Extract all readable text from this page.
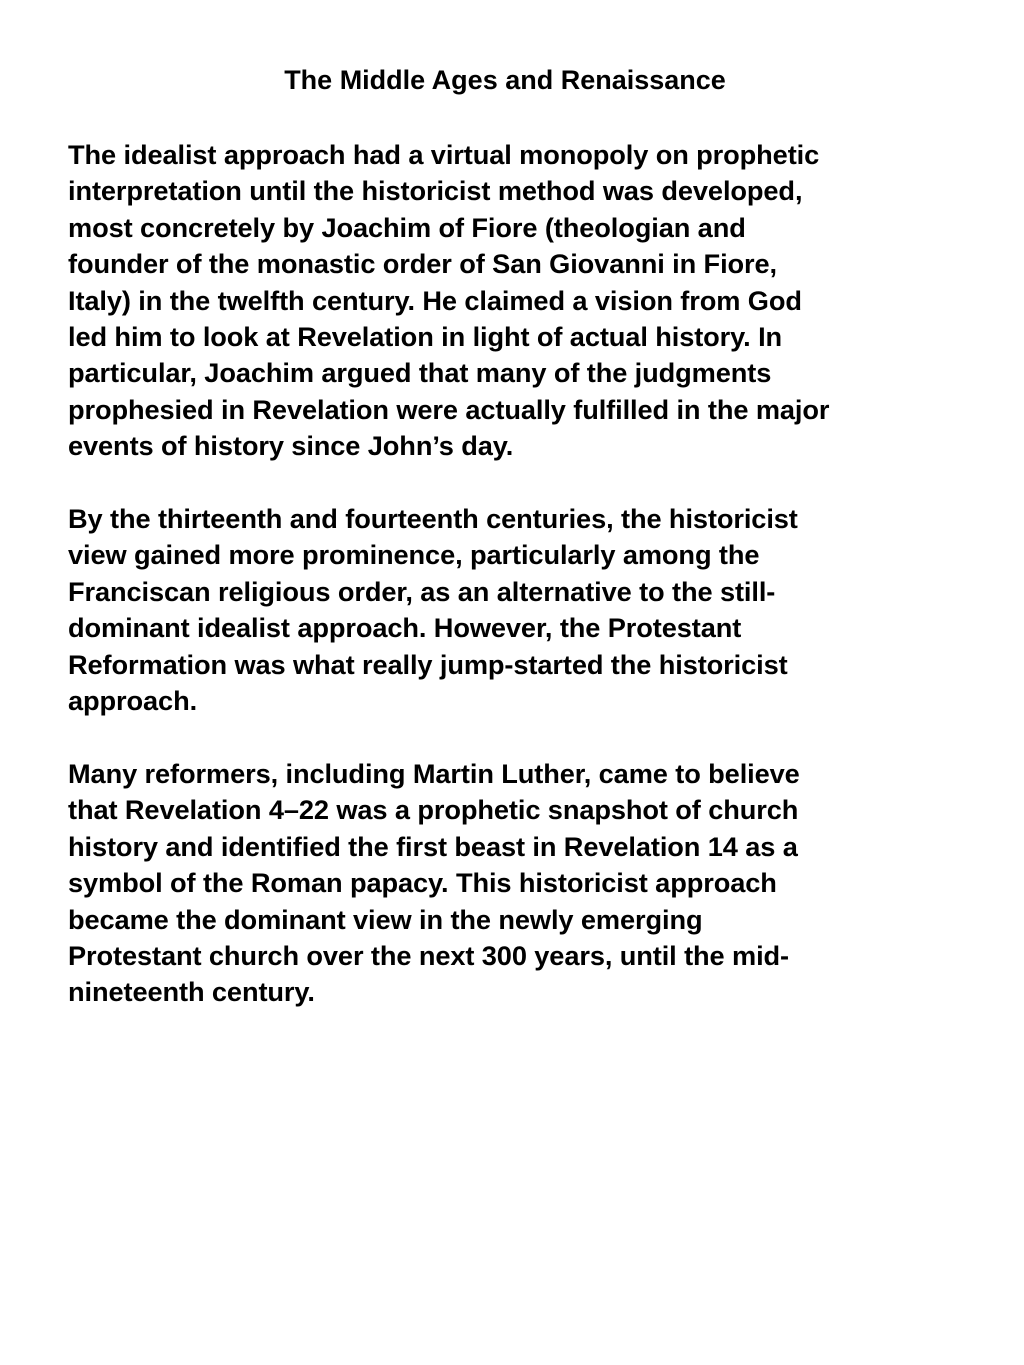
The Middle Ages and Renaissance

The idealist approach had a virtual monopoly on prophetic
interpretation until the historicist method was developed,
most concretely by Joachim of Fiore (theologian and
founder of the monastic order of San Giovanni in Fiore,
Italy) in the twelfth century. He claimed a vision from God
led him to look at Revelation in light of actual history. In
particular, Joachim argued that many of the judgments
prophesied in Revelation were actually fulfilled in the major
events of history since John’s day.

By the thirteenth and fourteenth centuries, the historicist
view gained more prominence, particularly among the
Franciscan religious order, as an alternative to the still-
dominant idealist approach. However, the Protestant
Reformation was what really jump-started the historicist
approach.

Many reformers, including Martin Luther, came to believe
that Revelation 4–22 was a prophetic snapshot of church
history and identified the first beast in Revelation 14 as a
symbol of the Roman papacy. This historicist approach
became the dominant view in the newly emerging
Protestant church over the next 300 years, until the mid-
nineteenth century.
